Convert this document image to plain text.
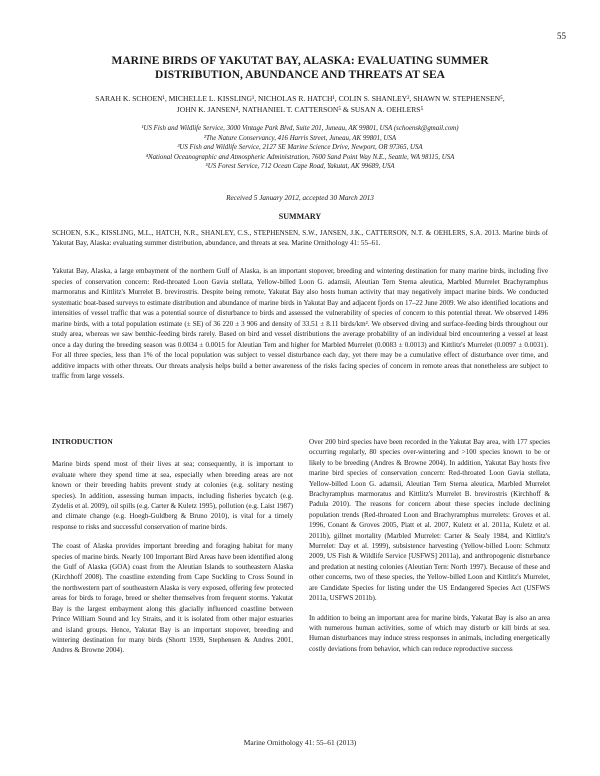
55
MARINE BIRDS OF YAKUTAT BAY, ALASKA: EVALUATING SUMMER
DISTRIBUTION, ABUNDANCE AND THREATS AT SEA
SARAH K. SCHOEN¹, MICHELLE L. KISSLING¹, NICHOLAS R. HATCH¹, COLIN S. SHANLEY², SHAWN W. STEPHENSEN⁵,
JOHN K. JANSEN⁴, NATHANIEL T. CATTERSON⁵ & SUSAN A. OEHLERS⁵
¹US Fish and Wildlife Service, 3000 Vintage Park Blvd, Suite 201, Juneau, AK 99801, USA (schoensk@gmail.com)
²The Nature Conservancy, 416 Harris Street, Juneau, AK 99801, USA
³US Fish and Wildlife Service, 2127 SE Marine Science Drive, Newport, OR 97365, USA
⁴National Oceanographic and Atmospheric Administration, 7600 Sand Point Way N.E., Seattle, WA 98115, USA
⁵US Forest Service, 712 Ocean Cape Road, Yakutat, AK 99689, USA
Received 5 January 2012, accepted 30 March 2013
SUMMARY
SCHOEN, S.K., KISSLING, M.L., HATCH, N.R., SHANLEY, C.S., STEPHENSEN, S.W., JANSEN, J.K., CATTERSON, N.T. & OEHLERS, S.A. 2013. Marine birds of Yakutat Bay, Alaska: evaluating summer distribution, abundance, and threats at sea. Marine Ornithology 41: 55–61.
Yakutat Bay, Alaska, a large embayment of the northern Gulf of Alaska, is an important stopover, breeding and wintering destination for many marine birds, including five species of conservation concern: Red-throated Loon Gavia stellata, Yellow-billed Loon G. adamsii, Aleutian Tern Sterna aleutica, Marbled Murrelet Brachyramphus marmoratus and Kittlitz's Murrelet B. brevirostris. Despite being remote, Yakutat Bay also hosts human activity that may negatively impact marine birds. We conducted systematic boat-based surveys to estimate distribution and abundance of marine birds in Yakutat Bay and adjacent fjords on 17–22 June 2009. We also identified locations and intensities of vessel traffic that was a potential source of disturbance to birds and assessed the vulnerability of species of concern to this potential threat. We observed 1496 marine birds, with a total population estimate (± SE) of 36 220 ± 3 906 and density of 33.51 ± 8.11 birds/km². We observed diving and surface-feeding birds throughout our study area, whereas we saw benthic-feeding birds rarely. Based on bird and vessel distributions the average probability of an individual bird encountering a vessel at least once a day during the breeding season was 0.0034 ± 0.0015 for Aleutian Tern and higher for Marbled Murrelet (0.0083 ± 0.0013) and Kittlitz's Murrelet (0.0097 ± 0.0031). For all three species, less than 1% of the local population was subject to vessel disturbance each day, yet there may be a cumulative effect of disturbance over time, and additive impacts with other threats. Our threats analysis helps build a better awareness of the risks facing species of concern in remote areas that nonetheless are subject to traffic from large vessels.
INTRODUCTION

Marine birds spend most of their lives at sea; consequently, it is important to evaluate where they spend time at sea, especially when breeding areas are not known or their breeding habits prevent study at colonies (e.g. solitary nesting species). In addition, assessing human impacts, including fisheries bycatch (e.g. Zydelis et al. 2009), oil spills (e.g. Carter & Kuletz 1995), pollution (e.g. Laist 1987) and climate change (e.g. Hoegh-Guldberg & Bruno 2010), is vital for a timely response to risks and successful conservation of marine birds.

The coast of Alaska provides important breeding and foraging habitat for many species of marine birds. Nearly 100 Important Bird Areas have been identified along the Gulf of Alaska (GOA) coast from the Aleutian Islands to southeastern Alaska (Kirchhoff 2008). The coastline extending from Cape Suckling to Cross Sound in the northwestern part of southeastern Alaska is very exposed, offering few protected areas for birds to forage, breed or shelter themselves from frequent storms. Yakutat Bay is the largest embayment along this glacially influenced coastline between Prince William Sound and Icy Straits, and it is isolated from other major estuaries and island groups. Hence, Yakutat Bay is an important stopover, breeding and wintering destination for many birds (Shortt 1939, Stephensen & Andres 2001, Andres & Browne 2004).

Over 200 bird species have been recorded in the Yakutat Bay area, with 177 species occurring regularly, 80 species over-wintering and >100 species known to be or likely to be breeding (Andres & Browne 2004). In addition, Yakutat Bay hosts five marine bird species of conservation concern: Red-throated Loon Gavia stellata, Yellow-billed Loon G. adamsii, Aleutian Tern Sterna aleutica, Marbled Murrelet Brachyramphus marmoratus and Kittlitz's Murrelet B. brevirostris (Kirchhoff & Padula 2010). The reasons for concern about these species include declining population trends (Red-throated Loon and Brachyramphus murrelets: Groves et al. 1996, Conant & Groves 2005, Piatt et al. 2007, Kuletz et al. 2011a, Kuletz et al. 2011b), gillnet mortality (Marbled Murrelet: Carter & Sealy 1984, and Kittlitz's Murrelet: Day et al. 1999), subsistence harvesting (Yellow-billed Loon: Schmutz 2009, US Fish & Wildlife Service [USFWS] 2011a), and anthropogenic disturbance and predation at nesting colonies (Aleutian Tern: North 1997). Because of these and other concerns, two of these species, the Yellow-billed Loon and Kittlitz's Murrelet, are Candidate Species for listing under the US Endangered Species Act (USFWS 2011a, USFWS 2011b).

In addition to being an important area for marine birds, Yakutat Bay is also an area with numerous human activities, some of which may disturb or kill birds at sea. Human disturbances may induce stress responses in animals, including energetically costly deviations from behavior, which can reduce reproductive success

Marine Ornithology 41: 55–61 (2013)
